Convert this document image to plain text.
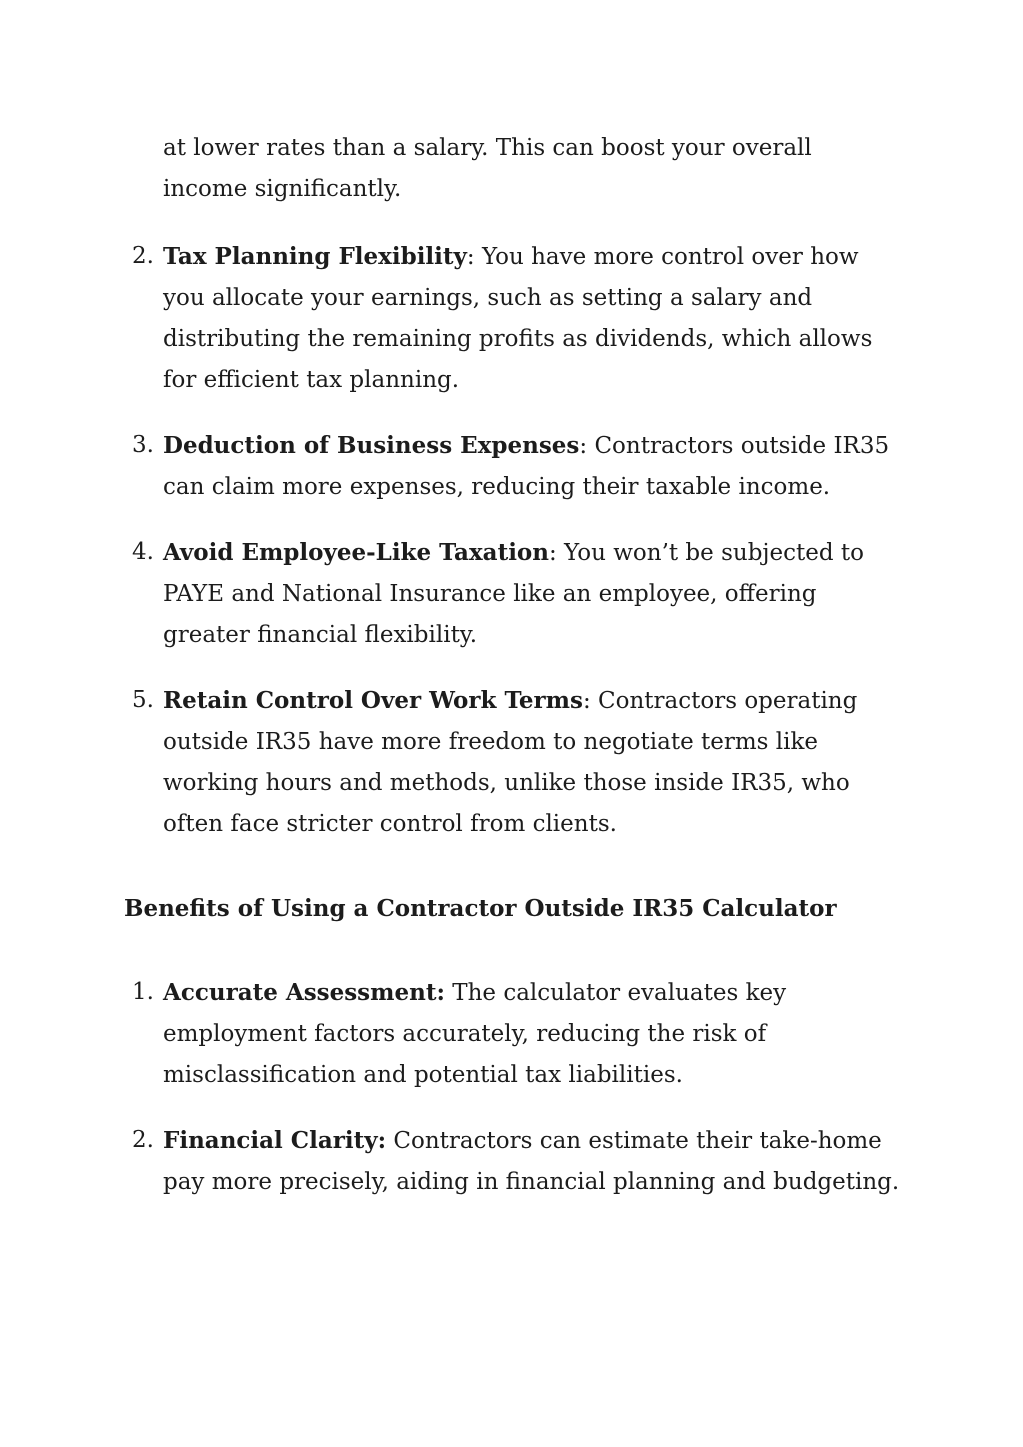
at lower rates than a salary. This can boost your overall income significantly.

2. Tax Planning Flexibility: You have more control over how you allocate your earnings, such as setting a salary and distributing the remaining profits as dividends, which allows for efficient tax planning.
3. Deduction of Business Expenses: Contractors outside IR35 can claim more expenses, reducing their taxable income.
4. Avoid Employee-Like Taxation: You won’t be subjected to PAYE and National Insurance like an employee, offering greater financial flexibility.
5. Retain Control Over Work Terms: Contractors operating outside IR35 have more freedom to negotiate terms like working hours and methods, unlike those inside IR35, who often face stricter control from clients.
Benefits of Using a Contractor Outside IR35 Calculator
1. Accurate Assessment: The calculator evaluates key employment factors accurately, reducing the risk of misclassification and potential tax liabilities.
2. Financial Clarity: Contractors can estimate their take-home pay more precisely, aiding in financial planning and budgeting.
